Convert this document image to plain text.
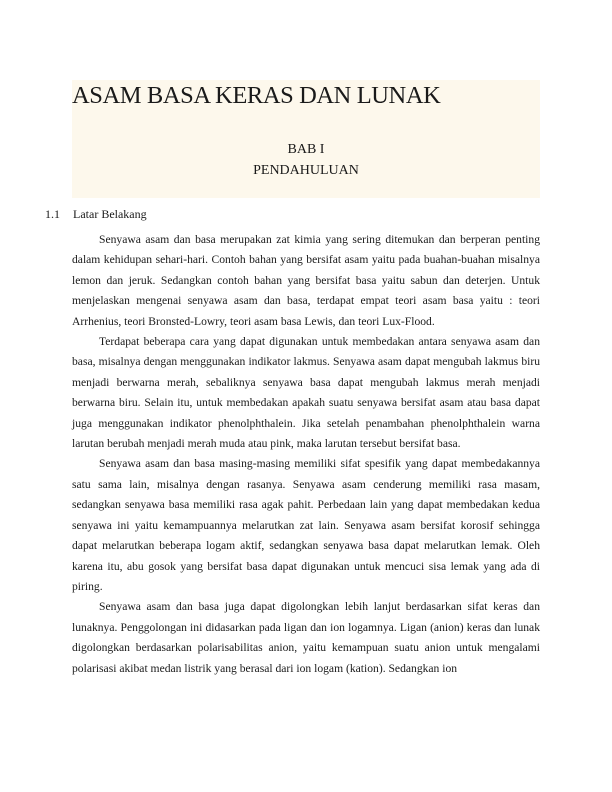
ASAM BASA KERAS DAN LUNAK
BAB I
PENDAHULUAN
1.1 Latar Belakang

Senyawa asam dan basa merupakan zat kimia yang sering ditemukan dan berperan penting dalam kehidupan sehari-hari. Contoh bahan yang bersifat asam yaitu pada buahan-buahan misalnya lemon dan jeruk. Sedangkan contoh bahan yang bersifat basa yaitu sabun dan deterjen. Untuk menjelaskan mengenai senyawa asam dan basa, terdapat empat teori asam basa yaitu : teori Arrhenius, teori Bronsted-Lowry, teori asam basa Lewis, dan teori Lux-Flood.

Terdapat beberapa cara yang dapat digunakan untuk membedakan antara senyawa asam dan basa, misalnya dengan menggunakan indikator lakmus. Senyawa asam dapat mengubah lakmus biru menjadi berwarna merah, sebaliknya senyawa basa dapat mengubah lakmus merah menjadi berwarna biru. Selain itu, untuk membedakan apakah suatu senyawa bersifat asam atau basa dapat juga menggunakan indikator phenolphthalein. Jika setelah penambahan phenolphthalein warna larutan berubah menjadi merah muda atau pink, maka larutan tersebut bersifat basa.

Senyawa asam dan basa masing-masing memiliki sifat spesifik yang dapat membedakannya satu sama lain, misalnya dengan rasanya. Senyawa asam cenderung memiliki rasa masam, sedangkan senyawa basa memiliki rasa agak pahit. Perbedaan lain yang dapat membedakan kedua senyawa ini yaitu kemampuannya melarutkan zat lain. Senyawa asam bersifat korosif sehingga dapat melarutkan beberapa logam aktif, sedangkan senyawa basa dapat melarutkan lemak. Oleh karena itu, abu gosok yang bersifat basa dapat digunakan untuk mencuci sisa lemak yang ada di piring.

Senyawa asam dan basa juga dapat digolongkan lebih lanjut berdasarkan sifat keras dan lunaknya. Penggolongan ini didasarkan pada ligan dan ion logamnya. Ligan (anion) keras dan lunak digolongkan berdasarkan polarisabilitas anion, yaitu kemampuan suatu anion untuk mengalami polarisasi akibat medan listrik yang berasal dari ion logam (kation). Sedangkan ion
